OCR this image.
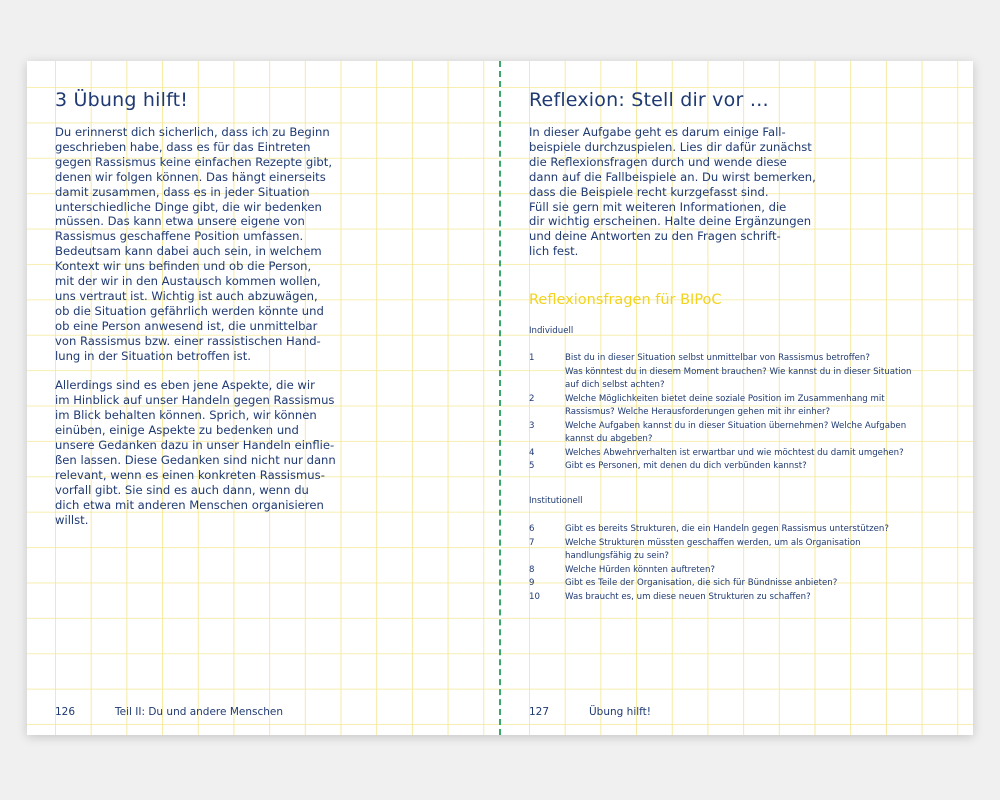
3 Übung hilft!

Du erinnerst dich sicherlich, dass ich zu Beginn
geschrieben habe, dass es für das Eintreten
gegen Rassismus keine einfachen Rezepte gibt,
denen wir folgen können. Das hängt einerseits
damit zusammen, dass es in jeder Situation
unterschiedliche Dinge gibt, die wir bedenken
müssen. Das kann etwa unsere eigene von
Rassismus geschaffene Position umfassen.
Bedeutsam kann dabei auch sein, in welchem
Kontext wir uns befinden und ob die Person,
mit der wir in den Austausch kommen wollen,
uns vertraut ist. Wichtig ist auch abzuwägen,
ob die Situation gefährlich werden könnte und
ob eine Person anwesend ist, die unmittelbar
von Rassismus bzw. einer rassistischen Hand-
lung in der Situation betroffen ist.

Allerdings sind es eben jene Aspekte, die wir
im Hinblick auf unser Handeln gegen Rassismus
im Blick behalten können. Sprich, wir können
einüben, einige Aspekte zu bedenken und
unsere Gedanken dazu in unser Handeln einflie-
ßen lassen. Diese Gedanken sind nicht nur dann
relevant, wenn es einen konkreten Rassismus-
vorfall gibt. Sie sind es auch dann, wenn du
dich etwa mit anderen Menschen organisieren
willst.

126	Teil II: Du und andere Menschen
Reflexion: Stell dir vor …

In dieser Aufgabe geht es darum einige Fall-
beispiele durchzuspielen. Lies dir dafür zunächst
die Reflexionsfragen durch und wende diese
dann auf die Fallbeispiele an. Du wirst bemerken,
dass die Beispiele recht kurzgefasst sind.
Füll sie gern mit weiteren Informationen, die
dir wichtig erscheinen. Halte deine Ergänzungen
und deine Antworten zu den Fragen schrift-
lich fest.

Reflexionsfragen für BIPoC
Individuell
1	Bist du in dieser Situation selbst unmittelbar von Rassismus betroffen?
Was könntest du in diesem Moment brauchen? Wie kannst du in dieser Situation
auf dich selbst achten?
2	Welche Möglichkeiten bietet deine soziale Position im Zusammenhang mit
Rassismus? Welche Herausforderungen gehen mit ihr einher?
3	Welche Aufgaben kannst du in dieser Situation übernehmen? Welche Aufgaben
kannst du abgeben?
4	Welches Abwehrverhalten ist erwartbar und wie möchtest du damit umgehen?
5	Gibt es Personen, mit denen du dich verbünden kannst?
Institutionell
6	Gibt es bereits Strukturen, die ein Handeln gegen Rassismus unterstützen?
7	Welche Strukturen müssten geschaffen werden, um als Organisation
handlungsfähig zu sein?
8	Welche Hürden könnten auftreten?
9	Gibt es Teile der Organisation, die sich für Bündnisse anbieten?
10	Was braucht es, um diese neuen Strukturen zu schaffen?
127	Übung hilft!
